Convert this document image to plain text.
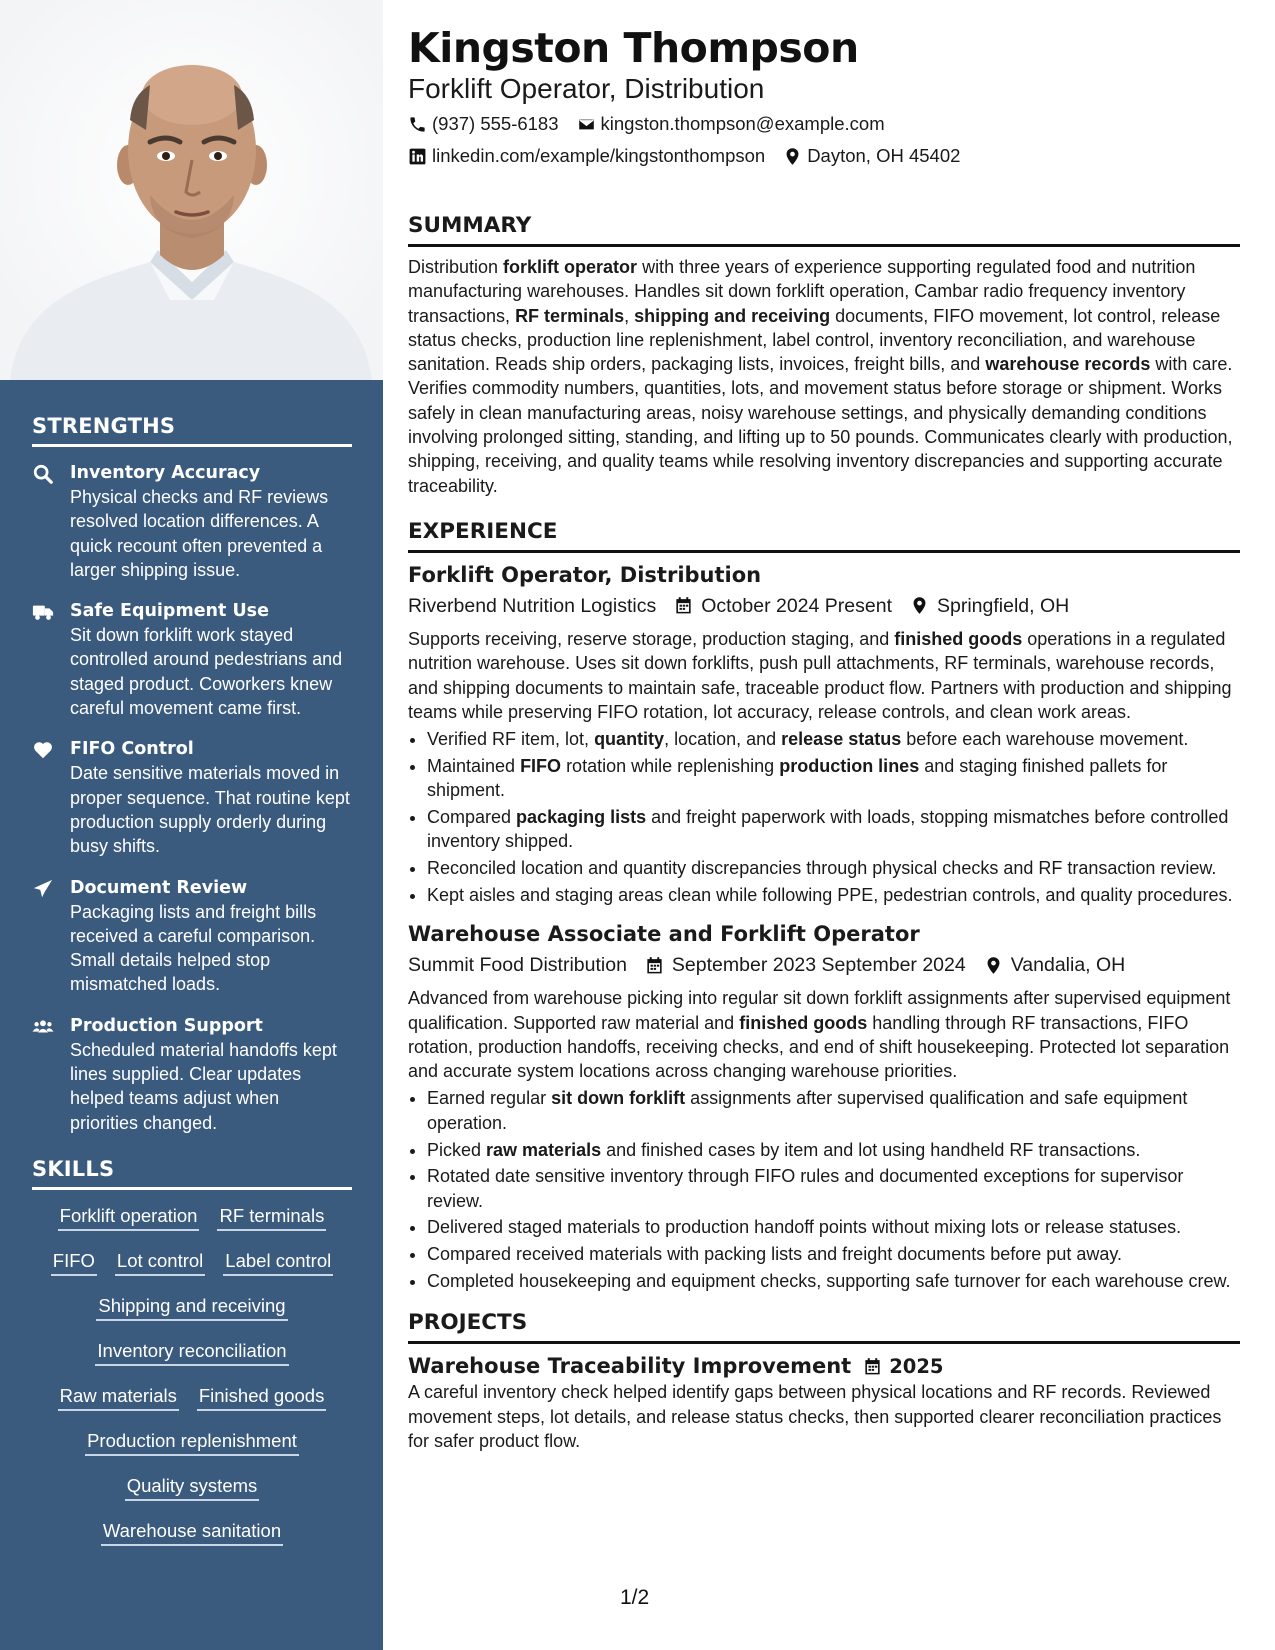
STRENGTHS
Inventory Accuracy
Physical checks and RF reviews resolved location differences. A quick recount often prevented a larger shipping issue.
Safe Equipment Use
Sit down forklift work stayed controlled around pedestrians and staged product. Coworkers knew careful movement came first.
FIFO Control
Date sensitive materials moved in proper sequence. That routine kept production supply orderly during busy shifts.
Document Review
Packaging lists and freight bills received a careful comparison. Small details helped stop mismatched loads.
Production Support
Scheduled material handoffs kept lines supplied. Clear updates helped teams adjust when priorities changed.
SKILLS
Forklift operation RF terminals
FIFO Lot control Label control
Shipping and receiving
Inventory reconciliation
Raw materials Finished goods
Production replenishment
Quality systems
Warehouse sanitation
Kingston Thompson
Forklift Operator, Distribution
(937) 555-6183 kingston.thompson@example.com
linkedin.com/example/kingstonthompson Dayton, OH 45402
SUMMARY

Distribution forklift operator with three years of experience supporting regulated food and nutrition manufacturing warehouses. Handles sit down forklift operation, Cambar radio frequency inventory transactions, RF terminals, shipping and receiving documents, FIFO movement, lot control, release status checks, production line replenishment, label control, inventory reconciliation, and warehouse sanitation. Reads ship orders, packaging lists, invoices, freight bills, and warehouse records with care. Verifies commodity numbers, quantities, lots, and movement status before storage or shipment. Works safely in clean manufacturing areas, noisy warehouse settings, and physically demanding conditions involving prolonged sitting, standing, and lifting up to 50 pounds. Communicates clearly with production, shipping, receiving, and quality teams while resolving inventory discrepancies and supporting accurate traceability.

EXPERIENCE
Forklift Operator, Distribution
Riverbend Nutrition Logistics October 2024 Present Springfield, OH

Supports receiving, reserve storage, production staging, and finished goods operations in a regulated nutrition warehouse. Uses sit down forklifts, push pull attachments, RF terminals, warehouse records, and shipping documents to maintain safe, traceable product flow. Partners with production and shipping teams while preserving FIFO rotation, lot accuracy, release controls, and clean work areas.

• Verified RF item, lot, quantity, location, and release status before each warehouse movement.
• Maintained FIFO rotation while replenishing production lines and staging finished pallets for shipment.
• Compared packaging lists and freight paperwork with loads, stopping mismatches before controlled inventory shipped.
• Reconciled location and quantity discrepancies through physical checks and RF transaction review.
• Kept aisles and staging areas clean while following PPE, pedestrian controls, and quality procedures.
Warehouse Associate and Forklift Operator
Summit Food Distribution September 2023 September 2024 Vandalia, OH

Advanced from warehouse picking into regular sit down forklift assignments after supervised equipment qualification. Supported raw material and finished goods handling through RF transactions, FIFO rotation, production handoffs, receiving checks, and end of shift housekeeping. Protected lot separation and accurate system locations across changing warehouse priorities.

• Earned regular sit down forklift assignments after supervised qualification and safe equipment operation.
• Picked raw materials and finished cases by item and lot using handheld RF transactions.
• Rotated date sensitive inventory through FIFO rules and documented exceptions for supervisor review.
• Delivered staged materials to production handoff points without mixing lots or release statuses.
• Compared received materials with packing lists and freight documents before put away.
• Completed housekeeping and equipment checks, supporting safe turnover for each warehouse crew.
PROJECTS
Warehouse Traceability Improvement 2025

A careful inventory check helped identify gaps between physical locations and RF records. Reviewed movement steps, lot details, and release status checks, then supported clearer reconciliation practices for safer product flow.

1/2
